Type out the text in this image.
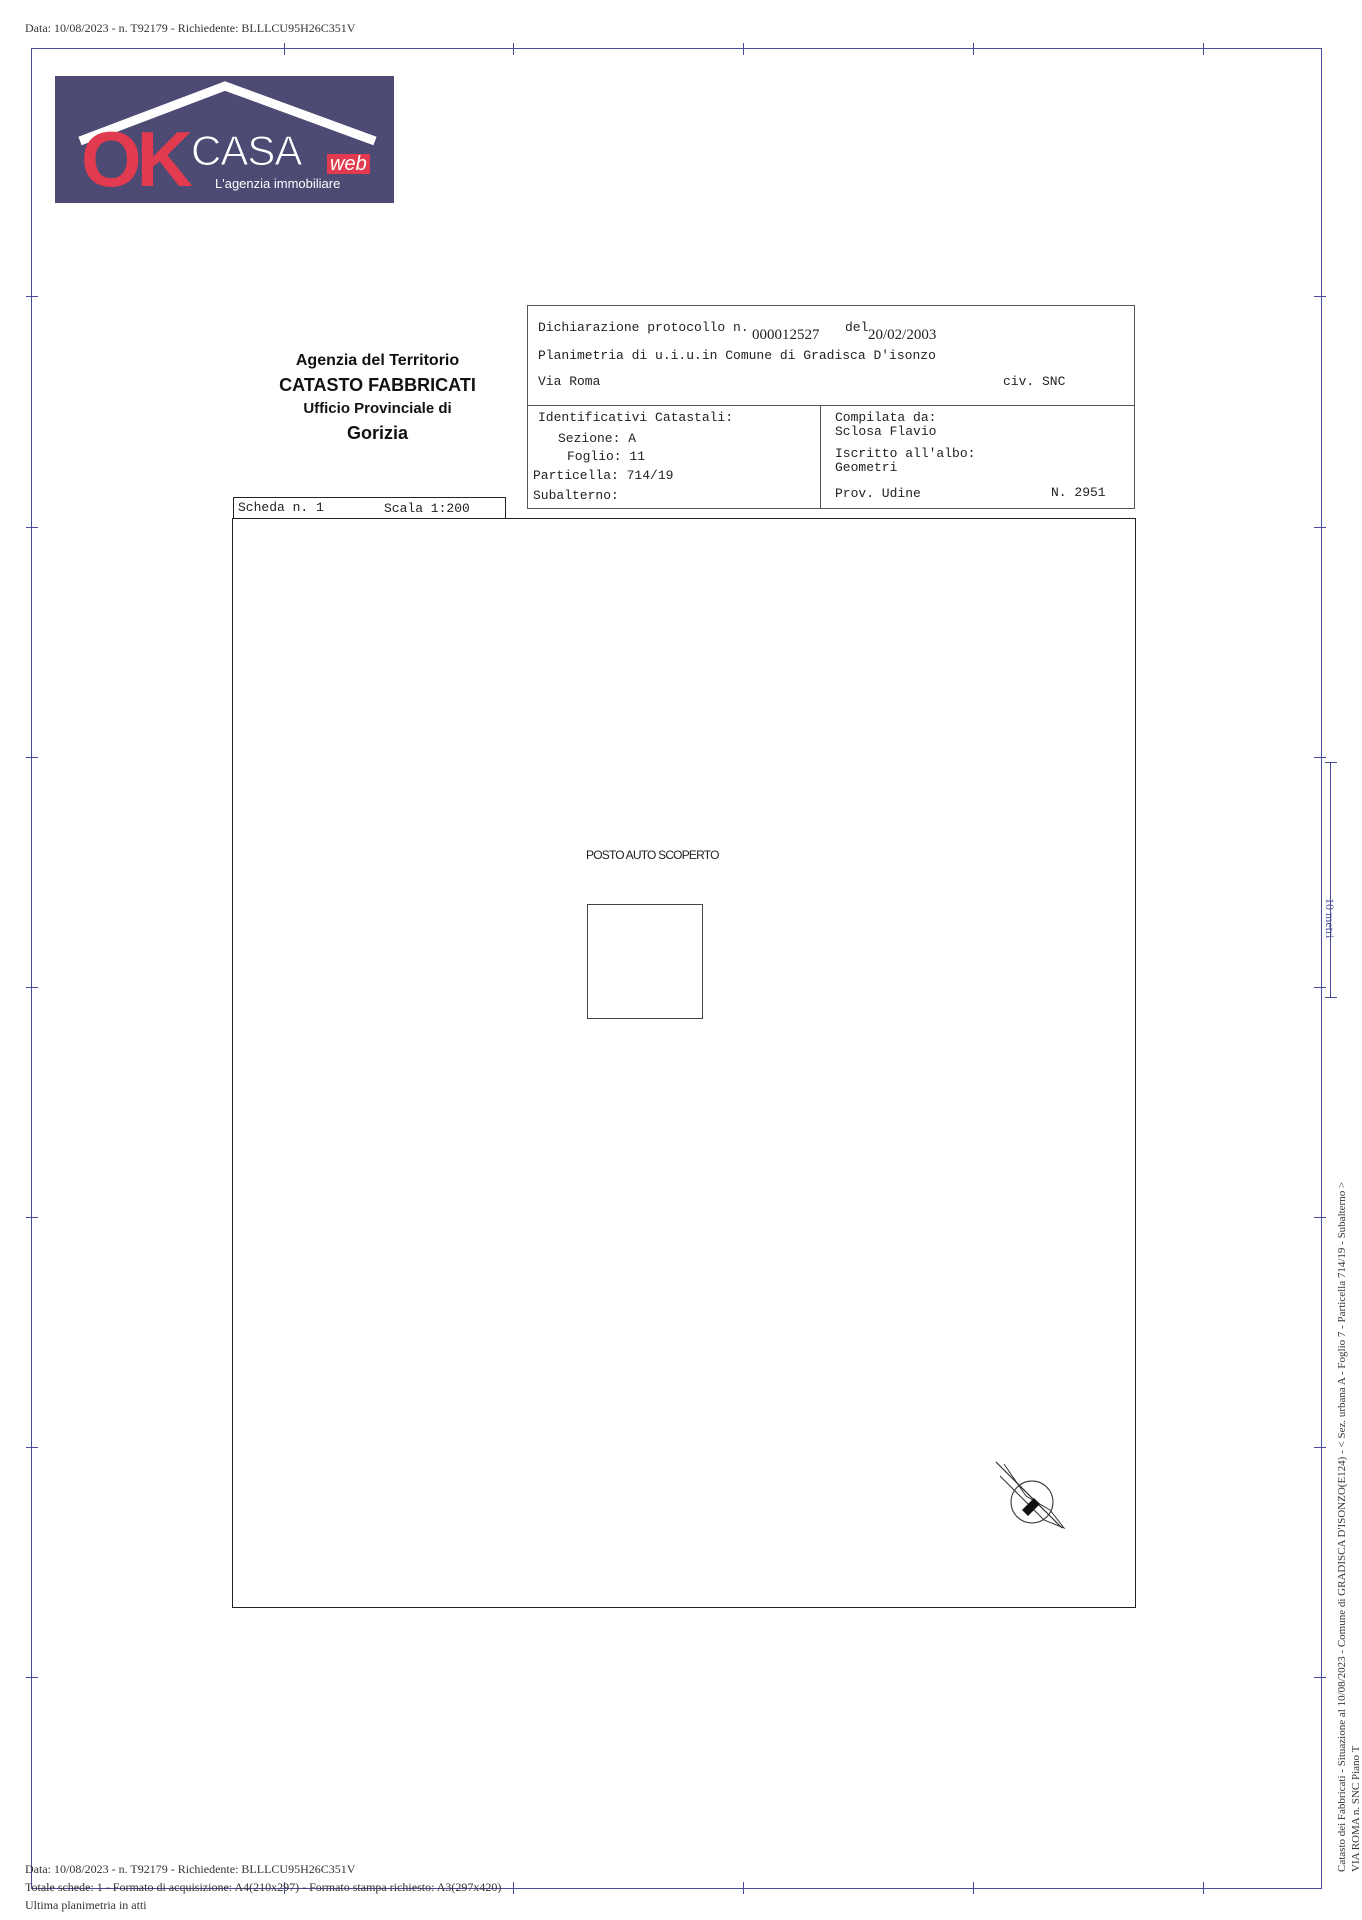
Data: 10/08/2023 - n. T92179 - Richiedente: BLLLCU95H26C351V
OK CASA web
L'agenzia immobiliare
Agenzia del Territorio
CATASTO FABBRICATI
Ufficio Provinciale di
Gorizia
Dichiarazione protocollo n. 000012527 del 20/02/2003
Planimetria di u.i.u.in Comune di Gradisca D'isonzo
Via Roma	civ. SNC
Identificativi Catastali:
Sezione: A
Foglio: 11
Particella: 714/19
Subalterno:
Compilata da:
Sclosa Flavio
Iscritto all'albo:
Geometri
Prov. Udine	N. 2951
Scheda n. 1	Scala 1:200
POSTO AUTO SCOPERTO
10 metri
Catasto dei Fabbricati - Situazione al 10/08/2023 - Comune di GRADISCA D'ISONZO(E124) - < Sez. urbana A - Foglio 7 - Particella 714/19 - Subalterno > VIA ROMA n. SNC Piano T
Data: 10/08/2023 - n. T92179 - Richiedente: BLLLCU95H26C351V
Totale schede: 1 - Formato di acquisizione: A4(210x297) - Formato stampa richiesto: A3(297x420)
Ultima planimetria in atti
